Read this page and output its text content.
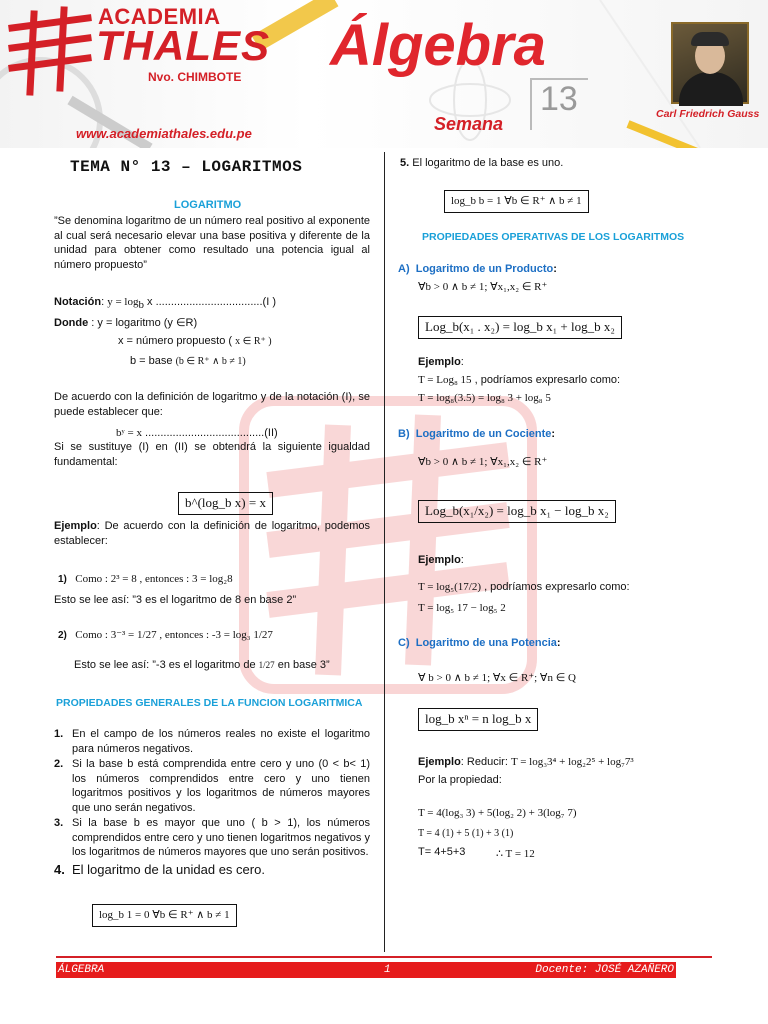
ACADEMIA
THALES
Nvo. CHIMBOTE
www.academiathales.edu.pe
Álgebra
13
Semana	Carl Friedrich Gauss
TEMA N° 13 – LOGARITMOS
LOGARITMO
”Se denomina logaritmo de un número real positivo al exponente al cual será necesario elevar una base positiva y diferente de la unidad para obtener como resultado una potencia igual al número propuesto”
Notación: $y = \log_b x$ ...................................(I )
Donde : y = logaritmo (y ∈R)
x = número propuesto ( x ∈ R⁺ )
b = base (b ∈ R⁺ ∧ b ≠ 1)
De acuerdo con la definición de logaritmo y de la notación (I), se puede establecer que:
bʸ = x .......................................(II)
Si se sustituye (I) en (II) se obtendrá la siguiente igualdad fundamental:
b^(log_b x) = x
Ejemplo: De acuerdo con la definición de logaritmo, podemos establecer:
1) Como : 2³ = 8 , entonces : 3 = log₂8
Esto se lee así: ”3 es el logaritmo de 8 en base 2”
2) Como : 3⁻³ = 1/27 , entonces : -3 = log₃ 1/27
Esto se lee así: ”-3 es el logaritmo de 1/27 en base 3”
PROPIEDADES GENERALES DE LA FUNCION LOGARITMICA
1. En el campo de los números reales no existe el logaritmo para números negativos.
2. Si la base b está comprendida entre cero y uno (0 < b< 1) los números comprendidos entre cero y uno tienen logaritmos positivos y los logaritmos de números mayores que uno serán negativos.
3. Si la base b es mayor que uno ( b > 1), los números comprendidos entre cero y uno tienen logaritmos negativos y los logaritmos de números mayores que uno serán positivos.
4. El logaritmo de la unidad es cero.
log_b 1 = 0 ∀b ∈ R⁺ ∧ b ≠ 1
5. El logaritmo de la base es uno.
log_b b = 1 ∀b ∈ R⁺ ∧ b ≠ 1
PROPIEDADES OPERATIVAS DE LOS LOGARITMOS
A) Logaritmo de un Producto:
∀b > 0 ∧ b ≠ 1; ∀x₁,x₂ ∈ R⁺
Log_b(x₁ . x₂) = log_b x₁ + log_b x₂
Ejemplo:
T = Log₈ 15 , podríamos expresarlo como:
T = log₈(3.5) = log₈ 3 + log₈ 5
B) Logaritmo de un Cociente:
∀b > 0 ∧ b ≠ 1; ∀x₁,x₂ ∈ R⁺
Log_b(x₁/x₂) = log_b x₁ − log_b x₂
Ejemplo:
T = log₅(17/2) , podríamos expresarlo como:
T = log₅ 17 − log₅ 2
C) Logaritmo de una Potencia:
∀ b > 0 ∧ b ≠ 1; ∀x ∈ R⁺; ∀n ∈ Q
log_b xⁿ = n log_b x
Ejemplo: Reducir: T = log₃3⁴ + log₂2⁵ + log₇7³
Por la propiedad:
T = 4(log₃ 3) + 5(log₂ 2) + 3(log₇ 7)
T = 4 (1) + 5 (1) + 3 (1)
T= 4+5+3	∴ T = 12
ÁLGEBRA	1	Docente: JOSÉ AZAÑERO
